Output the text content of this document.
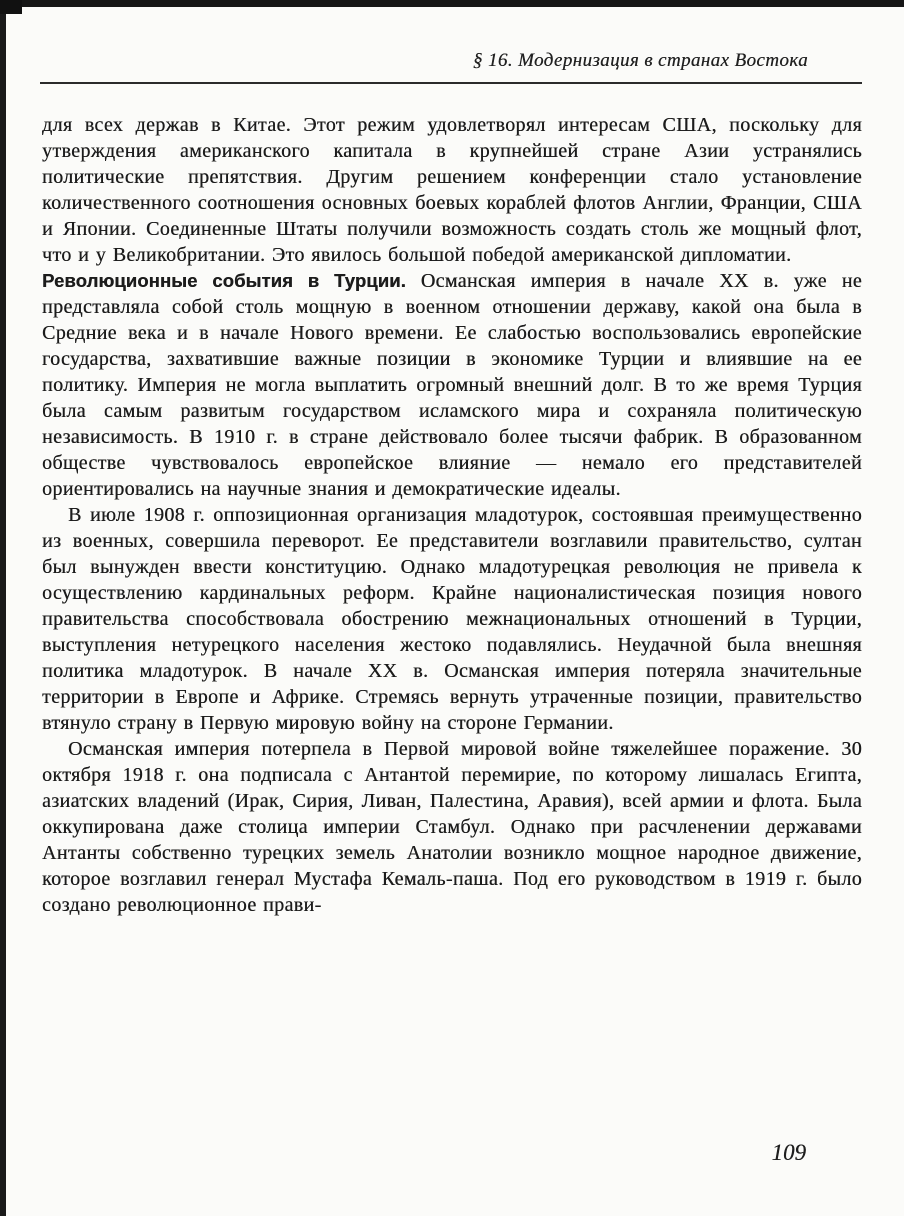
§ 16. Модернизация в странах Востока

для всех держав в Китае. Этот режим удовлетворял интересам США, поскольку для утверждения американского капитала в крупнейшей стране Азии устранялись политические препятствия. Другим решением конференции стало установление количественного соотношения основных боевых кораблей флотов Англии, Франции, США и Японии. Соединенные Штаты получили возможность создать столь же мощный флот, что и у Великобритании. Это явилось большой победой американской дипломатии.

Революционные события в Турции. Османская империя в начале XX в. уже не представляла собой столь мощную в военном отношении державу, какой она была в Средние века и в начале Нового времени. Ее слабостью воспользовались европейские государства, захватившие важные позиции в экономике Турции и влиявшие на ее политику. Империя не могла выплатить огромный внешний долг. В то же время Турция была самым развитым государством исламского мира и сохраняла политическую независимость. В 1910 г. в стране действовало более тысячи фабрик. В образованном обществе чувствовалось европейское влияние — немало его представителей ориентировались на научные знания и демократические идеалы.

В июле 1908 г. оппозиционная организация младотурок, состоявшая преимущественно из военных, совершила переворот. Ее представители возглавили правительство, султан был вынужден ввести конституцию. Однако младотурецкая революция не привела к осуществлению кардинальных реформ. Крайне националистическая позиция нового правительства способствовала обострению межнациональных отношений в Турции, выступления нетурецкого населения жестоко подавлялись. Неудачной была внешняя политика младотурок. В начале XX в. Османская империя потеряла значительные территории в Европе и Африке. Стремясь вернуть утраченные позиции, правительство втянуло страну в Первую мировую войну на стороне Германии.

Османская империя потерпела в Первой мировой войне тяжелейшее поражение. 30 октября 1918 г. она подписала с Антантой перемирие, по которому лишалась Египта, азиатских владений (Ирак, Сирия, Ливан, Палестина, Аравия), всей армии и флота. Была оккупирована даже столица империи Стамбул. Однако при расчленении державами Антанты собственно турецких земель Анатолии возникло мощное народное движение, которое возглавил генерал Мустафа Кемаль-паша. Под его руководством в 1919 г. было создано революционное прави-

109
